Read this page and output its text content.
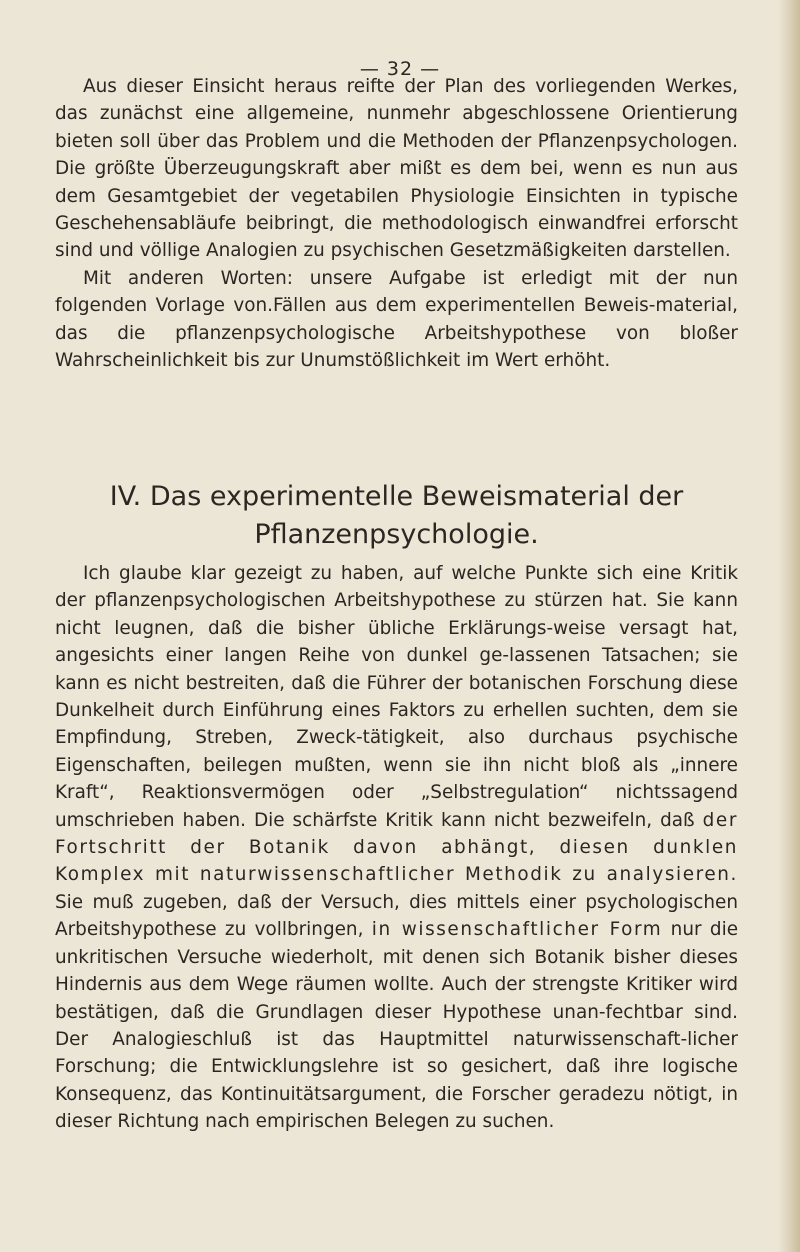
— 32 —

Aus dieser Einsicht heraus reifte der Plan des vorliegenden Werkes, das zunächst eine allgemeine, nunmehr abgeschlossene Orientierung bieten soll über das Problem und die Methoden der Pflanzenpsychologen. Die größte Überzeugungskraft aber mißt es dem bei, wenn es nun aus dem Gesamtgebiet der vegetabilen Physiologie Einsichten in typische Geschehensabläufe beibringt, die methodologisch einwandfrei erforscht sind und völlige Analogien zu psychischen Gesetzmäßigkeiten darstellen.

Mit anderen Worten: unsere Aufgabe ist erledigt mit der nun folgenden Vorlage von.Fällen aus dem experimentellen Beweis-material, das die pflanzenpsychologische Arbeitshypothese von bloßer Wahrscheinlichkeit bis zur Unumstößlichkeit im Wert erhöht.

IV. Das experimentelle Beweismaterial der
Pflanzenpsychologie.

Ich glaube klar gezeigt zu haben, auf welche Punkte sich eine Kritik der pflanzenpsychologischen Arbeitshypothese zu stürzen hat. Sie kann nicht leugnen, daß die bisher übliche Erklärungs-weise versagt hat, angesichts einer langen Reihe von dunkel ge-lassenen Tatsachen; sie kann es nicht bestreiten, daß die Führer der botanischen Forschung diese Dunkelheit durch Einführung eines Faktors zu erhellen suchten, dem sie Empfindung, Streben, Zweck-tätigkeit, also durchaus psychische Eigenschaften, beilegen mußten, wenn sie ihn nicht bloß als „innere Kraft“, Reaktionsvermögen oder „Selbstregulation“ nichtssagend umschrieben haben. Die schärfste Kritik kann nicht bezweifeln, daß der Fortschritt der Botanik davon abhängt, diesen dunklen Komplex mit naturwissenschaftlicher Methodik zu analysieren. Sie muß zugeben, daß der Versuch, dies mittels einer psychologischen Arbeitshypothese zu vollbringen, in wissenschaftlicher Form nur die unkritischen Versuche wiederholt, mit denen sich Botanik bisher dieses Hindernis aus dem Wege räumen wollte. Auch der strengste Kritiker wird bestätigen, daß die Grundlagen dieser Hypothese unan-fechtbar sind. Der Analogieschluß ist das Hauptmittel naturwissenschaft-licher Forschung; die Entwicklungslehre ist so gesichert, daß ihre logische Konsequenz, das Kontinuitätsargument, die Forscher geradezu nötigt, in dieser Richtung nach empirischen Belegen zu suchen.
